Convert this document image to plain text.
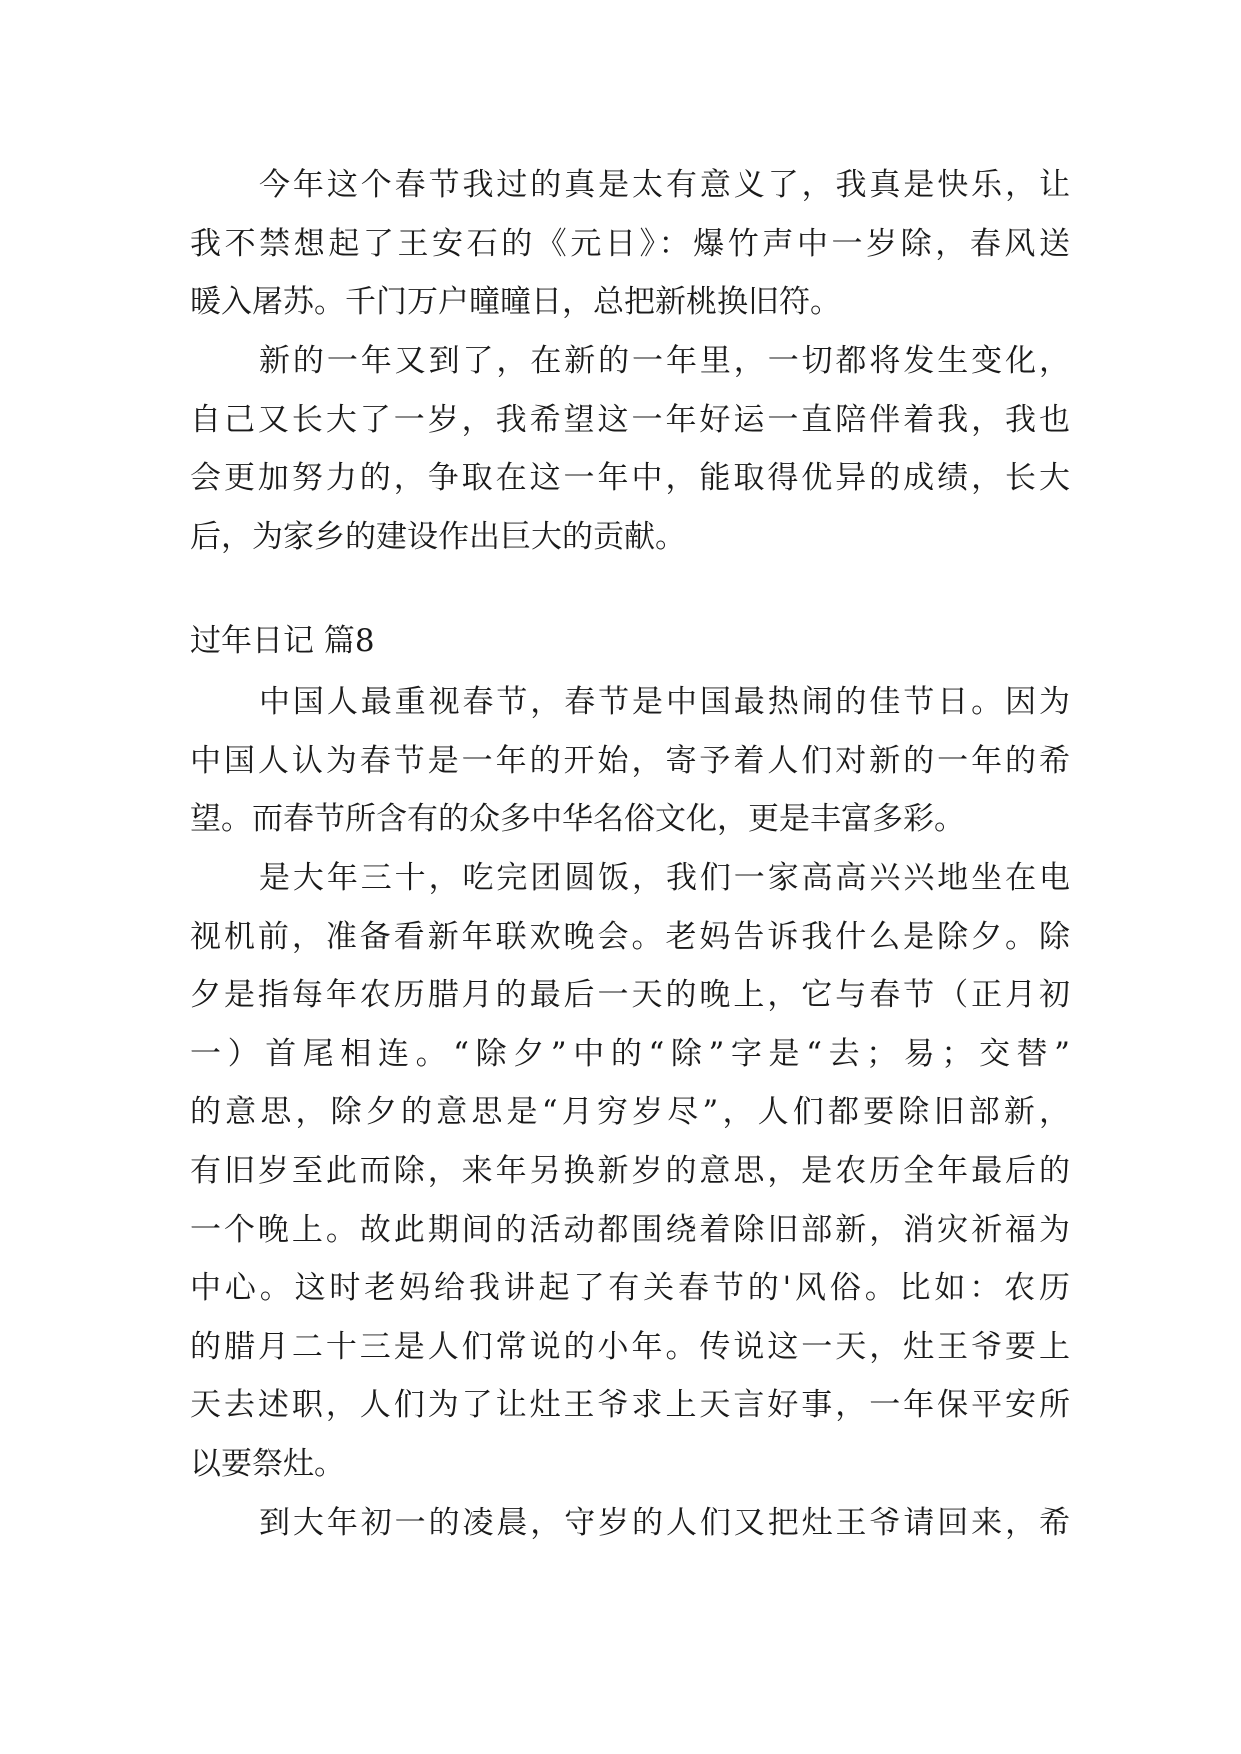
今年这个春节我过的真是太有意义了，我真是快乐，让
我不禁想起了王安石的《元日》：爆竹声中一岁除，春风送
暖入屠苏。千门万户曈曈日，总把新桃换旧符。
新的一年又到了，在新的一年里，一切都将发生变化，
自己又长大了一岁，我希望这一年好运一直陪伴着我，我也
会更加努力的，争取在这一年中，能取得优异的成绩，长大
后，为家乡的建设作出巨大的贡献。
过年日记 篇8
中国人最重视春节，春节是中国最热闹的佳节日。因为
中国人认为春节是一年的开始，寄予着人们对新的一年的希
望。而春节所含有的众多中华名俗文化，更是丰富多彩。
是大年三十，吃完团圆饭，我们一家高高兴兴地坐在电
视机前，准备看新年联欢晚会。老妈告诉我什么是除夕。除
夕是指每年农历腊月的最后一天的晚上，它与春节（正月初
一）首尾相连。“除夕”中的“除”字是“去；易；交替”
的意思，除夕的意思是“月穷岁尽”，人们都要除旧部新，
有旧岁至此而除，来年另换新岁的意思，是农历全年最后的
一个晚上。故此期间的活动都围绕着除旧部新，消灾祈福为
中心。这时老妈给我讲起了有关春节的'风俗。比如：农历
的腊月二十三是人们常说的小年。传说这一天，灶王爷要上
天去述职，人们为了让灶王爷求上天言好事，一年保平安所
以要祭灶。
到大年初一的凌晨，守岁的人们又把灶王爷请回来，希
